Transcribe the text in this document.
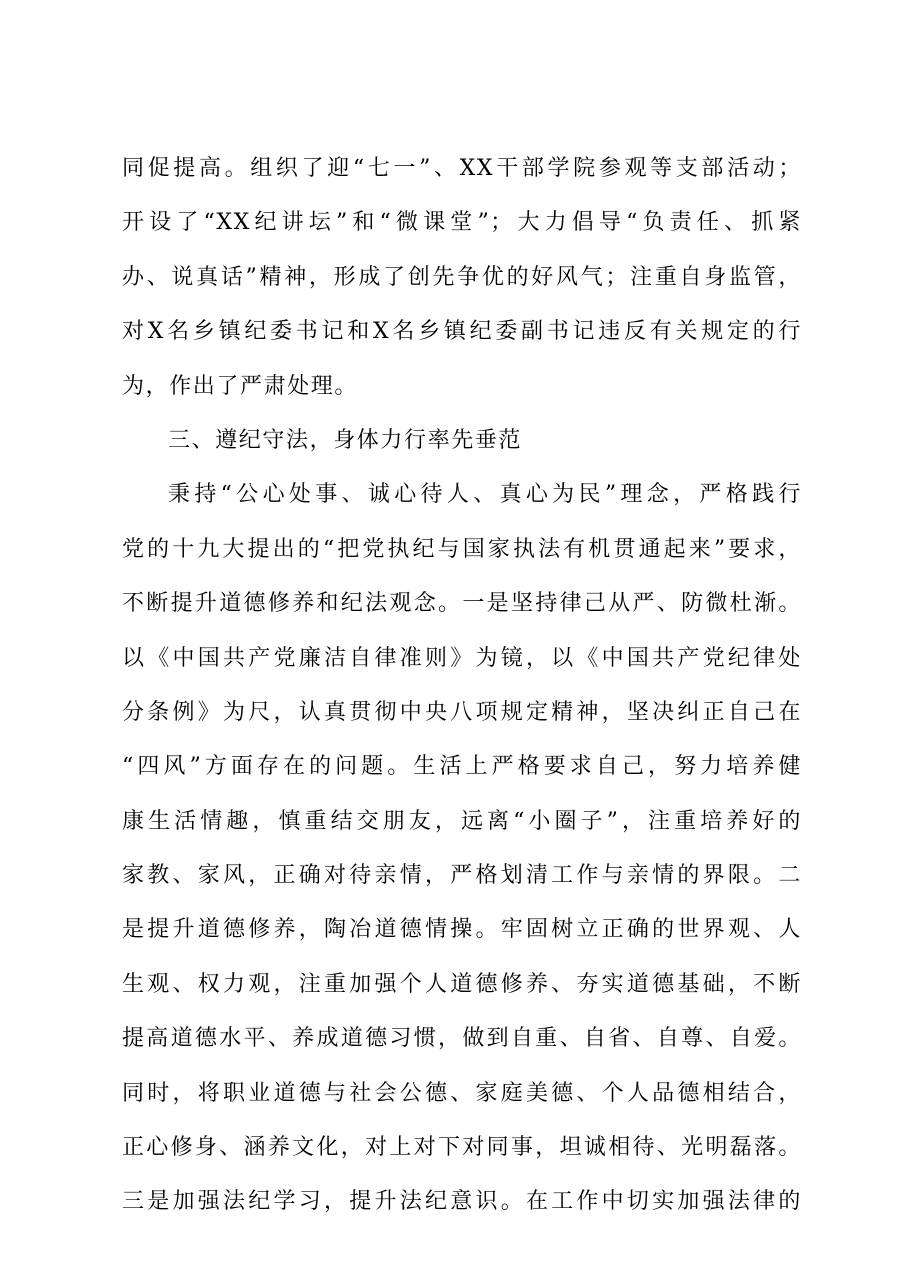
同促提高。组织了迎“七一”、XX干部学院参观等支部活动；
开设了“XX纪讲坛”和“微课堂”；大力倡导“负责任、抓紧
办、说真话”精神，形成了创先争优的好风气；注重自身监管，
对X名乡镇纪委书记和X名乡镇纪委副书记违反有关规定的行
为，作出了严肃处理。
三、遵纪守法，身体力行率先垂范
秉持“公心处事、诚心待人、真心为民”理念，严格践行
党的十九大提出的“把党执纪与国家执法有机贯通起来”要求，
不断提升道德修养和纪法观念。一是坚持律己从严、防微杜渐。
以《中国共产党廉洁自律准则》为镜，以《中国共产党纪律处
分条例》为尺，认真贯彻中央八项规定精神，坚决纠正自己在
“四风”方面存在的问题。生活上严格要求自己，努力培养健
康生活情趣，慎重结交朋友，远离“小圈子”，注重培养好的
家教、家风，正确对待亲情，严格划清工作与亲情的界限。二
是提升道德修养，陶冶道德情操。牢固树立正确的世界观、人
生观、权力观，注重加强个人道德修养、夯实道德基础，不断
提高道德水平、养成道德习惯，做到自重、自省、自尊、自爱。
同时，将职业道德与社会公德、家庭美德、个人品德相结合，
正心修身、涵养文化，对上对下对同事，坦诚相待、光明磊落。
三是加强法纪学习，提升法纪意识。在工作中切实加强法律的
